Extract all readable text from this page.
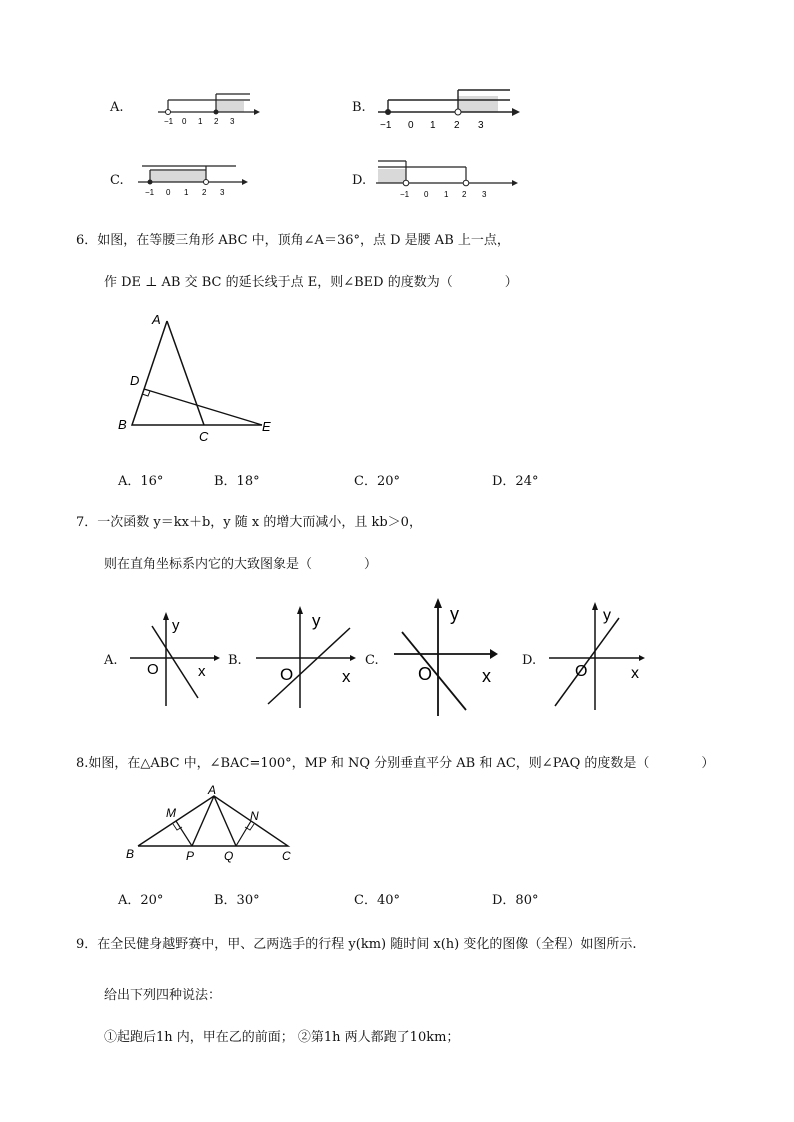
A.
−1 0 1 2 3
B.
−1 0 1 2 3
C.
−1 0 1 2 3
D.
−1 0 1 2 3
6．如图，在等腰三角形 ABC 中，顶角∠A＝36°，点 D 是腰 AB 上一点，
作 DE ⊥ AB 交 BC 的延长线于点 E，则∠BED 的度数为（　　　　）
A
B
C
D
E
A．16°	B．18°	C．20°	D．24°
7．一次函数 y＝kx＋b，y 随 x 的增大而减小，且 kb＞0，
则在直角坐标系内它的大致图象是（　　　　）
A.
y
O	x
B.
y
O	x
C.
y
O	x
D.
y
O	x
8.如图，在△ABC 中，∠BAC=100°，MP 和 NQ 分别垂直平分 AB 和 AC，则∠PAQ 的度数是（　　　　）
A
M	N
B	P Q	C
A．20°	B．30°	C．40°	D．80°
9．在全民健身越野赛中，甲、乙两选手的行程 y(km) 随时间 x(h) 变化的图像（全程）如图所示.
给出下列四种说法：
①起跑后1h 内，甲在乙的前面； ②第1h 两人都跑了10km；
